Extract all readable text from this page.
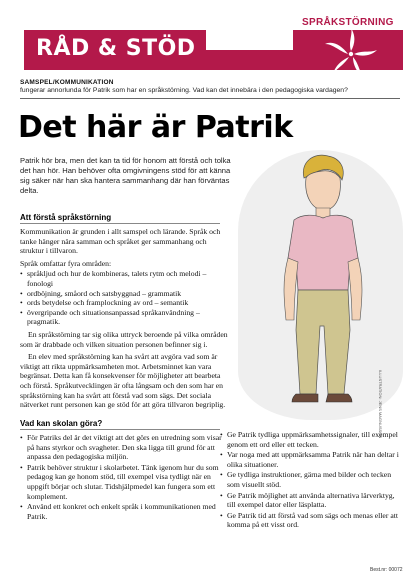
RÅD & STÖD
SPRÅKSTÖRNING
SAMSPEL/KOMMUNIKATION
fungerar annorlunda för Patrik som har en språkstörning. Vad kan det innebära i den pedagogiska vardagen?
Det här är Patrik

Patrik hör bra, men det kan ta tid för honom att förstå och tolka det han hör. Han behöver ofta omgivningens stöd för att känna sig säker när han ska hantera sammanhang där han förväntas delta.

Att förstå språkstörning

Kommunikation är grunden i allt samspel och lärande. Språk och tanke hänger nära samman och språket ger sammanhang och struktur i tillvaron.

Språk omfattar fyra områden:

• språkljud och hur de kombineras, talets rytm och melodi – fonologi
• ordböjning, småord och satsbyggnad – grammatik
• ords betydelse och framplockning av ord – semantik
• övergripande och situationsanpassad språkanvändning – pragmatik.

En språkstörning tar sig olika uttryck beroende på vilka områden som är drabbade och vilken situation personen befinner sig i.

En elev med språkstörning kan ha svårt att avgöra vad som är viktigt att rikta uppmärksamheten mot. Arbetsminnet kan vara begränsat. Detta kan få konsekvenser för möjligheter att bearbeta och förstå. Språkutvecklingen är ofta långsam och den som har en språkstörning kan ha svårt att förstå vad som sägs. Det sociala nätverket runt personen kan ge stöd för att göra tillvaron begriplig.	ILLUSTRATION: JENS MAGNUSSON
Vad kan skolan göra?
• För Patriks del är det viktigt att det görs en utredning som visar på hans styrkor och svagheter. Den ska ligga till grund för att anpassa den pedagogiska miljön.
• Patrik behöver struktur i skolarbetet. Tänk igenom hur du som pedagog kan ge honom stöd, till exempel visa tydligt när en uppgift börjar och slutar. Tidshjälpmedel kan fungera som ett komplement.
• Använd ett konkret och enkelt språk i kommunikationen med Patrik.
• Ge Patrik tydliga uppmärksamhetssignaler, till exempel genom ett ord eller ett tecken.
• Var noga med att uppmärksamma Patrik när han deltar i olika situationer.
• Ge tydliga instruktioner, gärna med bilder och tecken som visuellt stöd.
• Ge Patrik möjlighet att använda alternativa lärverktyg, till exempel dator eller läsplatta.
• Ge Patrik tid att förstå vad som sägs och menas eller att komma på ett visst ord.
Best.nr: 00072
